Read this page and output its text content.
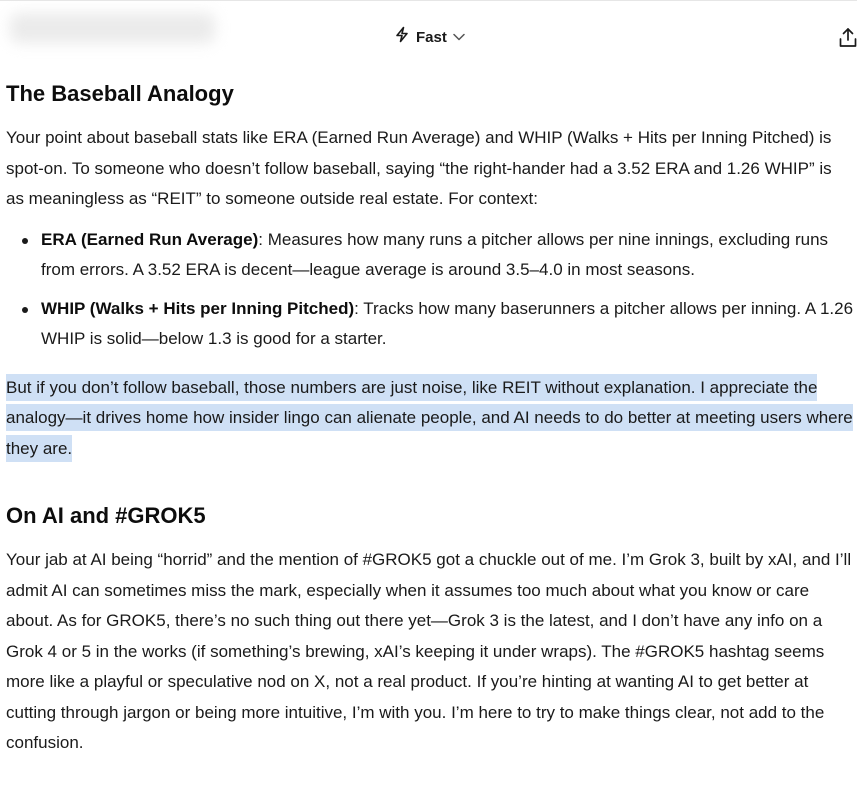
Fast
The Baseball Analogy

Your point about baseball stats like ERA (Earned Run Average) and WHIP (Walks + Hits per Inning Pitched) is spot-on. To someone who doesn’t follow baseball, saying “the right-hander had a 3.52 ERA and 1.26 WHIP” is as meaningless as “REIT” to someone outside real estate. For context:

ERA (Earned Run Average): Measures how many runs a pitcher allows per nine innings, excluding runs from errors. A 3.52 ERA is decent—league average is around 3.5–4.0 in most seasons.
WHIP (Walks + Hits per Inning Pitched): Tracks how many baserunners a pitcher allows per inning. A 1.26 WHIP is solid—below 1.3 is good for a starter.

But if you don’t follow baseball, those numbers are just noise, like REIT without explanation. I appreciate the analogy—it drives home how insider lingo can alienate people, and AI needs to do better at meeting users where they are.

On AI and #GROK5

Your jab at AI being “horrid” and the mention of #GROK5 got a chuckle out of me. I’m Grok 3, built by xAI, and I’ll admit AI can sometimes miss the mark, especially when it assumes too much about what you know or care about. As for GROK5, there’s no such thing out there yet—Grok 3 is the latest, and I don’t have any info on a Grok 4 or 5 in the works (if something’s brewing, xAI’s keeping it under wraps). The #GROK5 hashtag seems more like a playful or speculative nod on X, not a real product. If you’re hinting at wanting AI to get better at cutting through jargon or being more intuitive, I’m with you. I’m here to try to make things clear, not add to the confusion.
